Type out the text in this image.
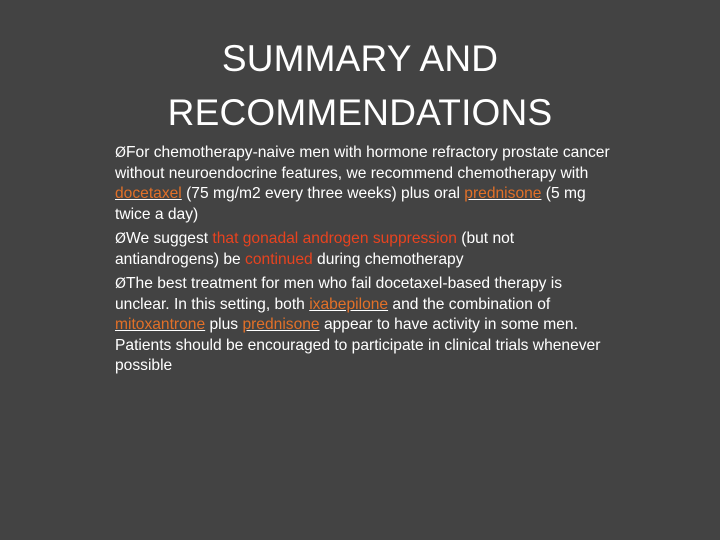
SUMMARY AND
RECOMMENDATIONS

ØFor chemotherapy-naive men with hormone refractory prostate cancer without neuroendocrine features, we recommend chemotherapy with docetaxel (75 mg/m2 every three weeks) plus oral prednisone (5 mg twice a day)

ØWe suggest that gonadal androgen suppression (but not antiandrogens) be continued during chemotherapy

ØThe best treatment for men who fail docetaxel-based therapy is unclear. In this setting, both ixabepilone and the combination of mitoxantrone plus prednisone appear to have activity in some men. Patients should be encouraged to participate in clinical trials whenever possible
